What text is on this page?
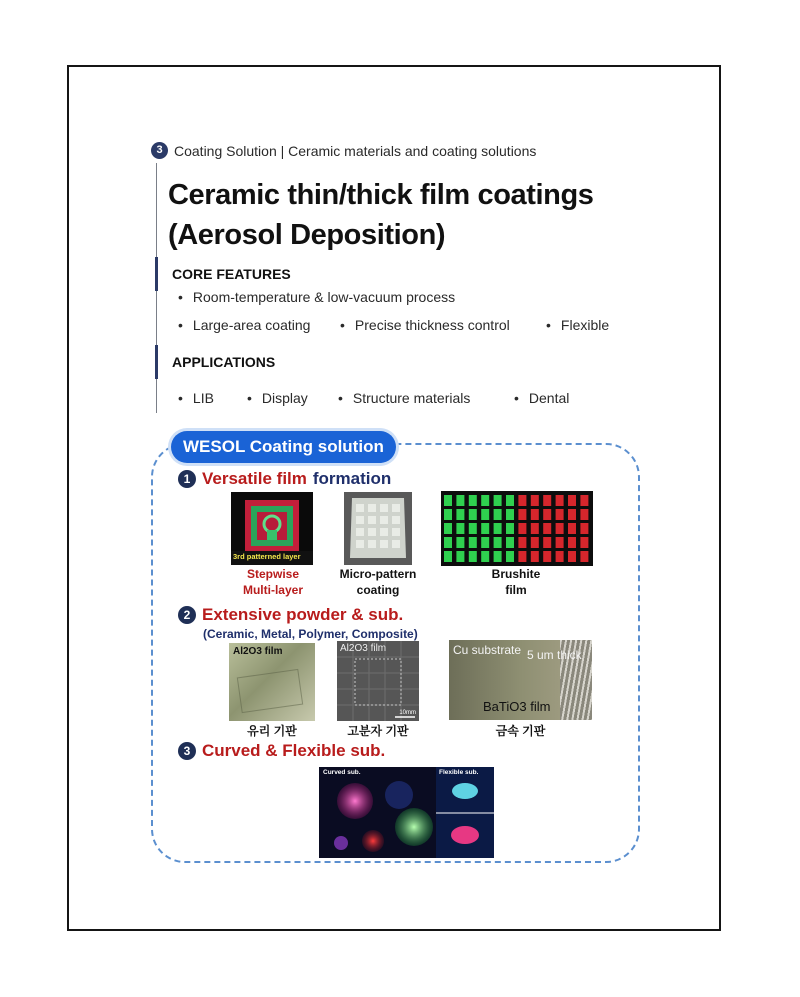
3 Coating Solution | Ceramic materials and coating solutions
Ceramic thin/thick film coatings
(Aerosol Deposition)
CORE FEATURES
• Room-temperature & low-vacuum process
• Large-area coating	• Precise thickness control	• Flexible
APPLICATIONS
• LIB	• Display	• Structure materials	• Dental
WESOL Coating solution
1 Versatile film formation
3rd patterned layer
Stepwise
Multi-layer
Micro-pattern
coating
Brushite
film
2 Extensive powder & sub.
(Ceramic, Metal, Polymer, Composite)
Al2O3 film
유리 기판
Al2O3 film
10mm
고분자 기판
Cu substrate 5 um thick
BaTiO3 film
금속 기판
3 Curved & Flexible sub.
Curved sub.	Flexible sub.
